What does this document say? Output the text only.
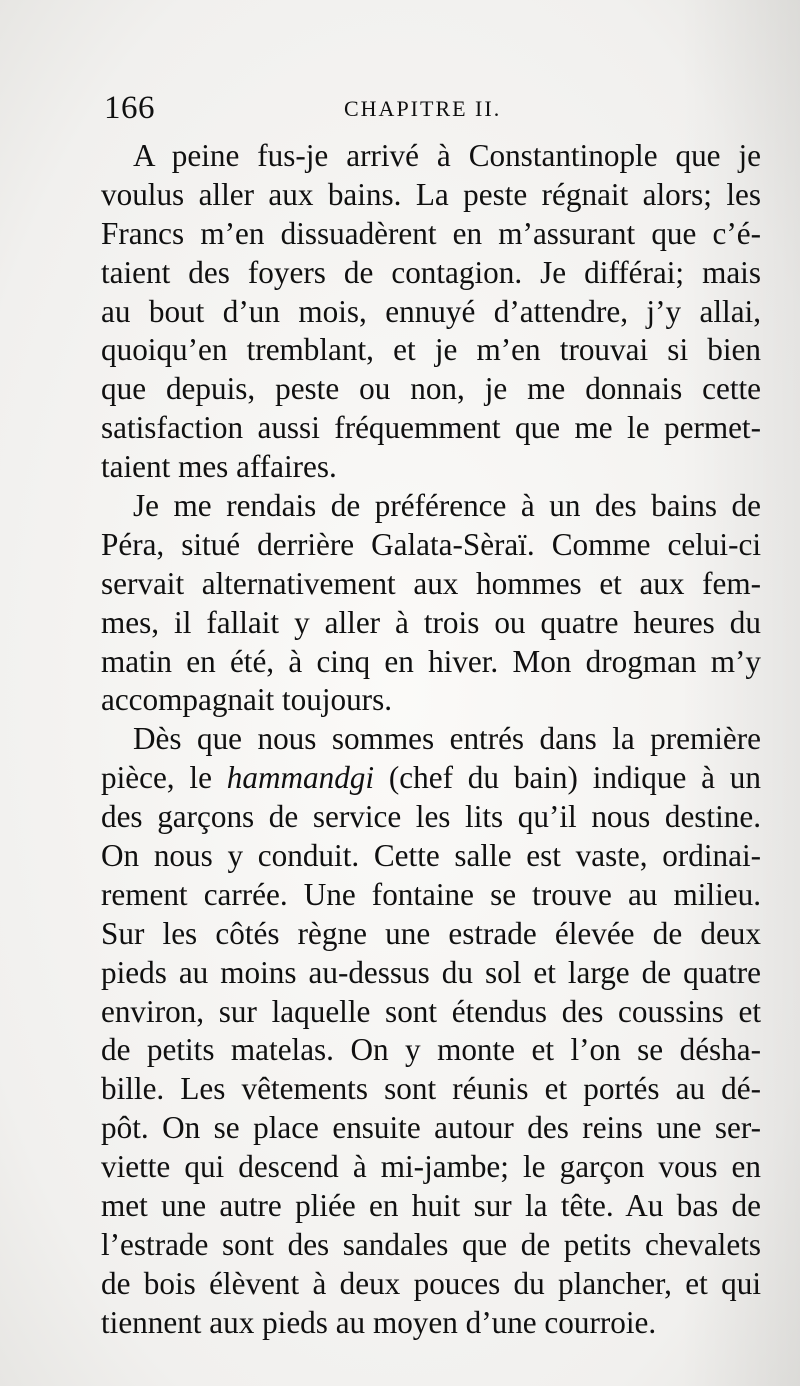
166	CHAPITRE II.
A peine fus-je arrivé à Constantinople que je
voulus aller aux bains. La peste régnait alors; les
Francs m’en dissuadèrent en m’assurant que c’é-
taient des foyers de contagion. Je différai; mais
au bout d’un mois, ennuyé d’attendre, j’y allai,
quoiqu’en tremblant, et je m’en trouvai si bien
que depuis, peste ou non, je me donnais cette
satisfaction aussi fréquemment que me le permet-
taient mes affaires.
Je me rendais de préférence à un des bains de
Péra, situé derrière Galata-Sèraï. Comme celui-ci
servait alternativement aux hommes et aux fem-
mes, il fallait y aller à trois ou quatre heures du
matin en été, à cinq en hiver. Mon drogman m’y
accompagnait toujours.
Dès que nous sommes entrés dans la première
pièce, le hammandgi (chef du bain) indique à un
des garçons de service les lits qu’il nous destine.
On nous y conduit. Cette salle est vaste, ordinai-
rement carrée. Une fontaine se trouve au milieu.
Sur les côtés règne une estrade élevée de deux
pieds au moins au-dessus du sol et large de quatre
environ, sur laquelle sont étendus des coussins et
de petits matelas. On y monte et l’on se désha-
bille. Les vêtements sont réunis et portés au dé-
pôt. On se place ensuite autour des reins une ser-
viette qui descend à mi-jambe; le garçon vous en
met une autre pliée en huit sur la tête. Au bas de
l’estrade sont des sandales que de petits chevalets
de bois élèvent à deux pouces du plancher, et qui
tiennent aux pieds au moyen d’une courroie.
